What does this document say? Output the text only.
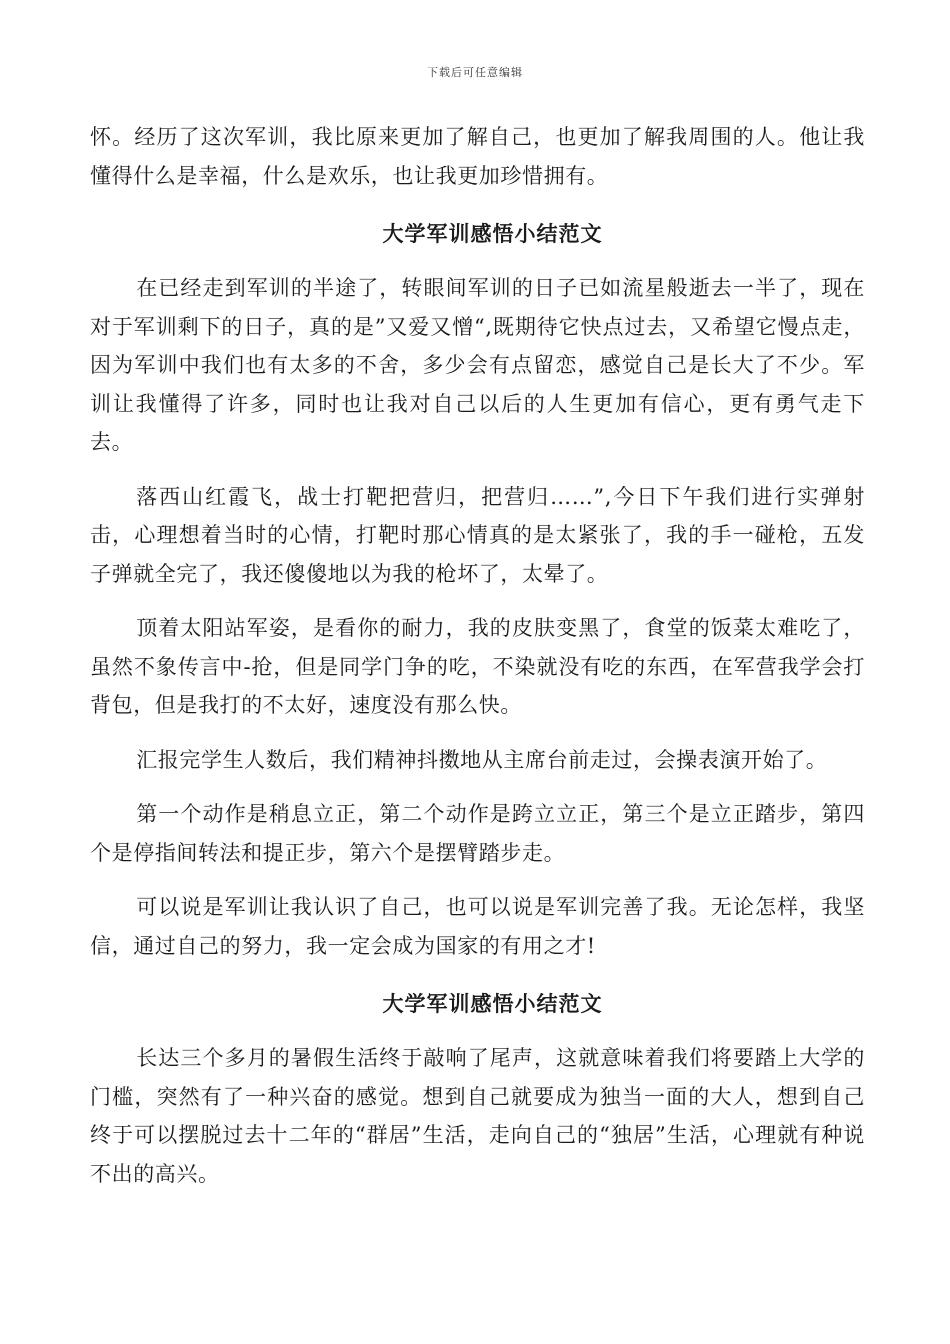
下载后可任意编辑

怀。经历了这次军训，我比原来更加了解自己，也更加了解我周围的人。他让我懂得什么是幸福，什么是欢乐，也让我更加珍惜拥有。

大学军训感悟小结范文

在已经走到军训的半途了，转眼间军训的日子已如流星般逝去一半了，现在对于军训剩下的日子，真的是”又爱又憎“,既期待它快点过去，又希望它慢点走，因为军训中我们也有太多的不舍，多少会有点留恋，感觉自己是长大了不少。军训让我懂得了许多，同时也让我对自己以后的人生更加有信心，更有勇气走下去。

落西山红霞飞，战士打靶把营归，把营归……”,今日下午我们进行实弹射击，心理想着当时的心情，打靶时那心情真的是太紧张了，我的手一碰枪，五发子弹就全完了，我还傻傻地以为我的枪坏了，太晕了。

顶着太阳站军姿，是看你的耐力，我的皮肤变黑了，食堂的饭菜太难吃了，虽然不象传言中-抢，但是同学门争的吃，不染就没有吃的东西，在军营我学会打背包，但是我打的不太好，速度没有那么快。

汇报完学生人数后，我们精神抖擞地从主席台前走过，会操表演开始了。

第一个动作是稍息立正，第二个动作是跨立立正，第三个是立正踏步，第四个是停指间转法和提正步，第六个是摆臂踏步走。

可以说是军训让我认识了自己，也可以说是军训完善了我。无论怎样，我坚信，通过自己的努力，我一定会成为国家的有用之才!

大学军训感悟小结范文

长达三个多月的暑假生活终于敲响了尾声，这就意味着我们将要踏上大学的门槛，突然有了一种兴奋的感觉。想到自己就要成为独当一面的大人，想到自己终于可以摆脱过去十二年的“群居”生活，走向自己的“独居”生活，心理就有种说不出的高兴。
